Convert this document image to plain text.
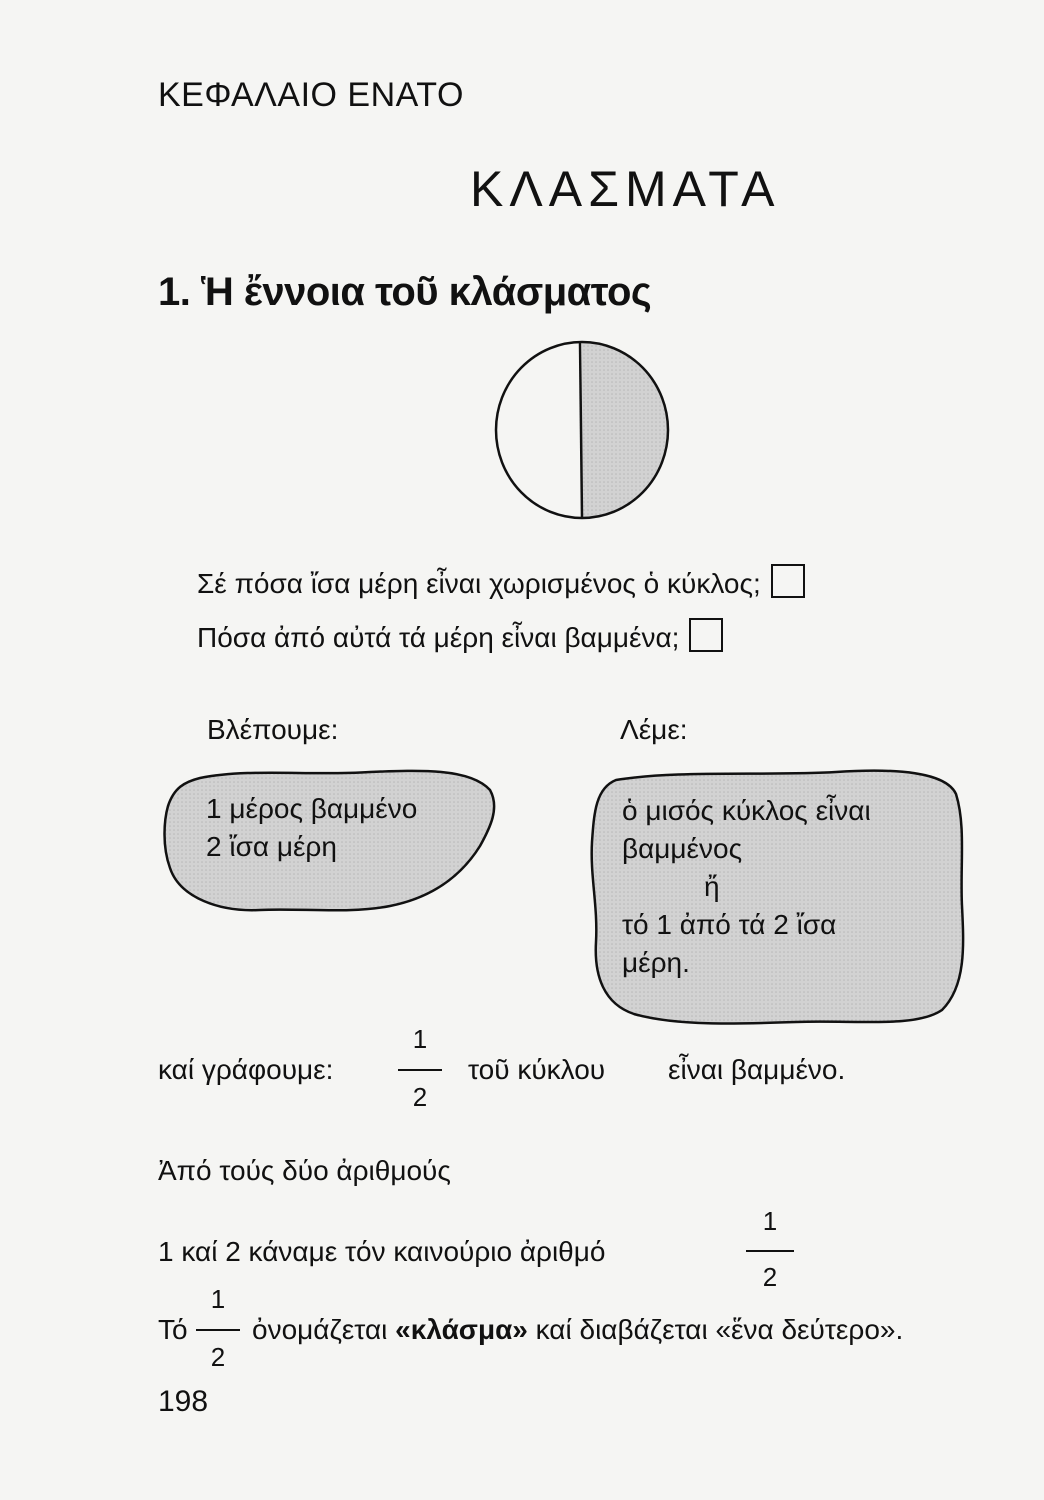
ΚΕΦΑΛΑΙΟ ΕΝΑΤΟ
ΚΛΑΣΜΑΤΑ
1. Ἡ ἔννοια τοῦ κλάσματος
Σέ πόσα ἴσα μέρη εἶναι χωρισμένος ὁ κύκλος;
Πόσα ἀπό αὐτά τά μέρη εἶναι βαμμένα;
Βλέπουμε:	Λέμε:
1 μέρος βαμμένο
2 ἴσα μέρη
ὁ μισός κύκλος εἶναι
βαμμένος
ἤ
τό 1 ἀπό τά 2 ἴσα
μέρη.
καί γράφουμε:
1
2
τοῦ κύκλου εἶναι βαμμένο.
Ἀπό τούς δύο ἀριθμούς
1 καί 2 κάναμε τόν καινούριο ἀριθμό
1
2
Τό
1
2
ὀνομάζεται «κλάσμα» καί διαβάζεται «ἕνα δεύτερο».
198
